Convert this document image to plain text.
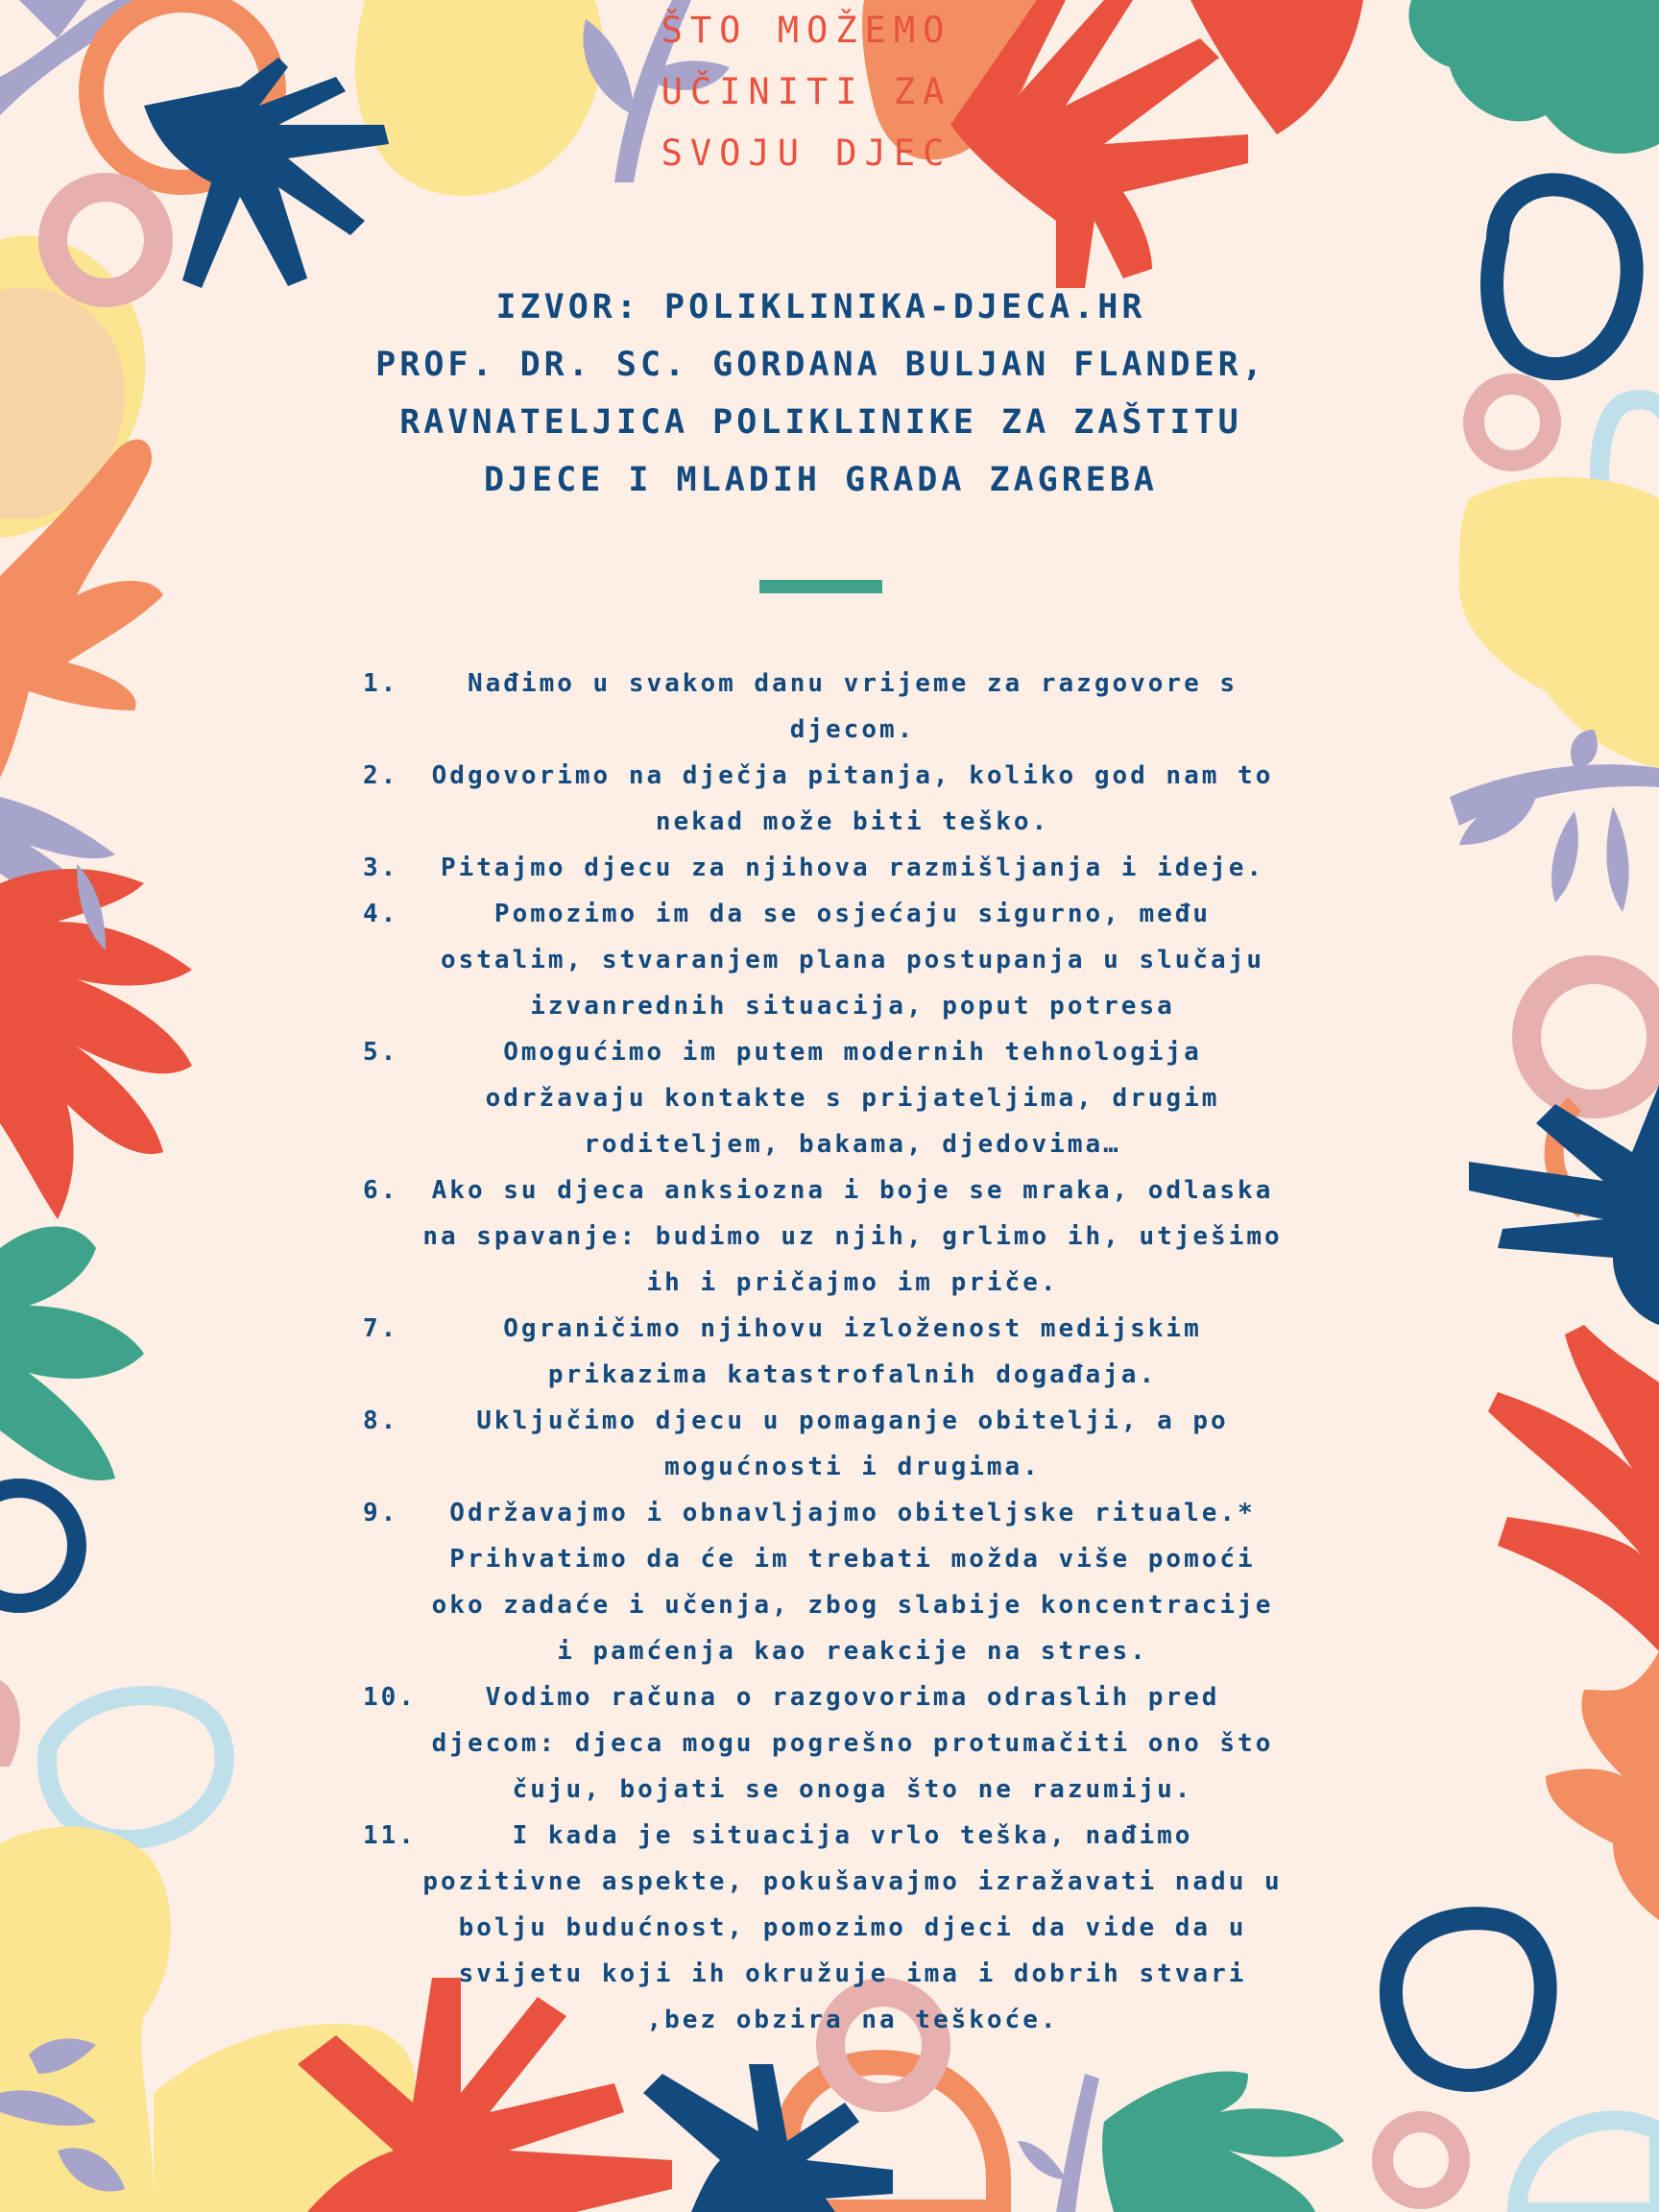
ŠTO MOŽEMO
UČINITI ZA
SVOJU DJEC
IZVOR: POLIKLINIKA-DJECA.HR
PROF. DR. SC. GORDANA BULJAN FLANDER,
RAVNATELJICA POLIKLINIKE ZA ZAŠTITU
DJECE I MLADIH GRADA ZAGREBA
1.	Nađimo u svakom danu vrijeme za razgovore s
djecom.
2.	Odgovorimo na dječja pitanja, koliko god nam to
nekad može biti teško.
3.	Pitajmo djecu za njihova razmišljanja i ideje.
4.	Pomozimo im da se osjećaju sigurno, među
ostalim, stvaranjem plana postupanja u slučaju
izvanrednih situacija, poput potresa
5.	Omogućimo im putem modernih tehnologija
održavaju kontakte s prijateljima, drugim
roditeljem, bakama, djedovima…
6.	Ako su djeca anksiozna i boje se mraka, odlaska
na spavanje: budimo uz njih, grlimo ih, utješimo
ih i pričajmo im priče.
7.	Ograničimo njihovu izloženost medijskim
prikazima katastrofalnih događaja.
8.	Uključimo djecu u pomaganje obitelji, a po
mogućnosti i drugima.
9.	Održavajmo i obnavljajmo obiteljske rituale.*
Prihvatimo da će im trebati možda više pomoći
oko zadaće i učenja, zbog slabije koncentracije
i pamćenja kao reakcije na stres.
10.	Vodimo računa o razgovorima odraslih pred
djecom: djeca mogu pogrešno protumačiti ono što
čuju, bojati se onoga što ne razumiju.
11.	I kada je situacija vrlo teška, nađimo
pozitivne aspekte, pokušavajmo izražavati nadu u
bolju budućnost, pomozimo djeci da vide da u
svijetu koji ih okružuje ima i dobrih stvari
,bez obzira na teškoće.
